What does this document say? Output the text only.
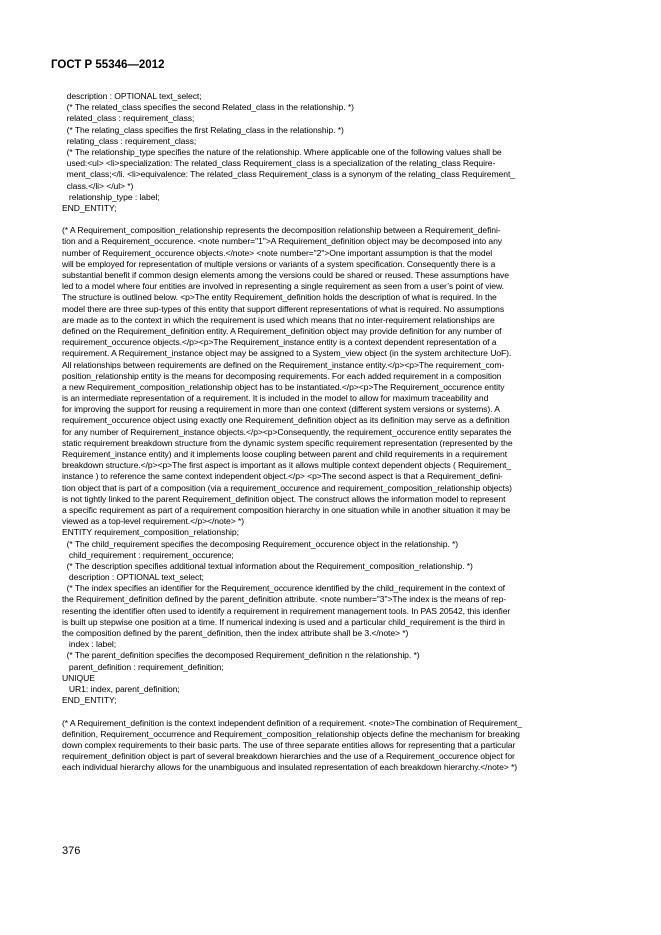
ГОСТ Р 55346—2012
description : OPTIONAL text_select;
(* The related_class specifies the second Related_class in the relationship. *)
related_class : requirement_class;
(* The relating_class specifies the first Relating_class in the relationship. *)
relating_class : requirement_class;
(* The relationship_type specifies the nature of the relationship. Where applicable one of the following values shall be
used:<ul> <li>specialization: The related_class Requirement_class is a specialization of the relating_class Require-
ment_class;</li. <li>equivalence: The related_class Requirement_class is a synonym of the relating_class Requirement_
class.</li> </ul> *)
relationship_type : label;
END_ENTITY;
(* A Requirement_composition_relationship represents the decomposition relationship between a Requirement_defini-
tion and a Requirement_occurence. <note number="1">A Requirement_definition object may be decomposed into any
number of Requirement_occurence objects.</note> <note number="2">One important assumption is that the model
will be employed for representation of multiple versions or variants of a system specification. Consequently there is a
substantial benefit if common design elements among the versions could be shared or reused. These assumptions have
led to a model where four entities are involved in representing a single requirement as seen from a user’s point of view.
The structure is outlined below. <p>The entity Requirement_definition holds the description of what is required. In the
model there are three sup-types of this entity that support different representations of what is required. No assumptions
are made as to the context in which the requirement is used which means that no inter-requirement relationships are
defined on the Requirement_definition entity. A Requirement_definition object may provide definition for any number of
requirement_occurence objects.</p><p>The Requirement_instance entity is a context dependent representation of a
requirement. A Requirement_instance object may be assigned to a System_view object (in the system architecture UoF).
All relationships between requirements are defined on the Requirement_instance entity.</p><p>The requirement_com-
position_relationship entity is the means for decomposing requirements. For each added requirement in a composition
a new Requirement_composition_relationship object has to be instantiated.</p><p>The Requirement_occurence entity
is an intermediate representation of a requirement. It is included in the model to allow for maximum traceability and
for improving the support for reusing a requirement in more than one context (different system versions or systems). A
requirement_occurence object using exactly one Requirement_definition object as its definition may serve as a definition
for any number of Requirement_instance objects.</p><p>Consequently, the requirement_occurence entity separates the
static requirement breakdown structure from the dynamic system specific requirement representation (represented by the
Requirement_instance entity) and it implements loose coupling between parent and child requirements in a requirement
breakdown structure.</p><p>The first aspect is important as it allows multiple context dependent objects ( Requirement_
instance ) to reference the same context independent object.</p> <p>The second aspect is that a Requirement_defini-
tion object that is part of a composition (via a requirement_occurence and requirement_composition_relationship objects)
is not tightly linked to the parent Requirement_definition object. The construct allows the information model to represent
a specific requirement as part of a requirement composition hierarchy in one situation while in another situation it may be
viewed as a top-level requirement.</p></note> *)
ENTITY requirement_composition_relationship;
(* The child_requirement specifies the decomposing Requirement_occurence object in the relationship. *)
child_requirement : requirement_occurence;
(* The description specifies additional textual information about the Requirement_composition_relationship. *)
description : OPTIONAL text_select;
(* The index specifies an identifier for the Requirement_occurence identified by the child_requirement in the context of
the Requirement_definition defined by the parent_definition attribute. <note number="3">The index is the means of rep-
resenting the identifier often used to identify a requirement in requirement management tools. In PAS 20542, this idenfier
is built up stepwise one position at a time. If numerical indexing is used and a particular child_requirement is the third in
the composition defined by the parent_definition, then the index attribute shall be 3.</note> *)
index : label;
(* The parent_definition specifies the decomposed Requirement_definition n the relationship. *)
parent_definition : requirement_definition;
UNIQUE
UR1: index, parent_definition;
END_ENTITY;
(* A Requirement_definition is the context independent definition of a requirement. <note>The combination of Requirement_
definition, Requirement_occurrence and Requirement_composition_relationship objects define the mechanism for breaking
down complex requirements to their basic parts. The use of three separate entities allows for representing that a particular
requirement_definition object is part of several breakdown hierarchies and the use of a Requirement_occurence object for
each individual hierarchy allows for the unambiguous and insulated representation of each breakdown hierarchy.</note> *)
376
